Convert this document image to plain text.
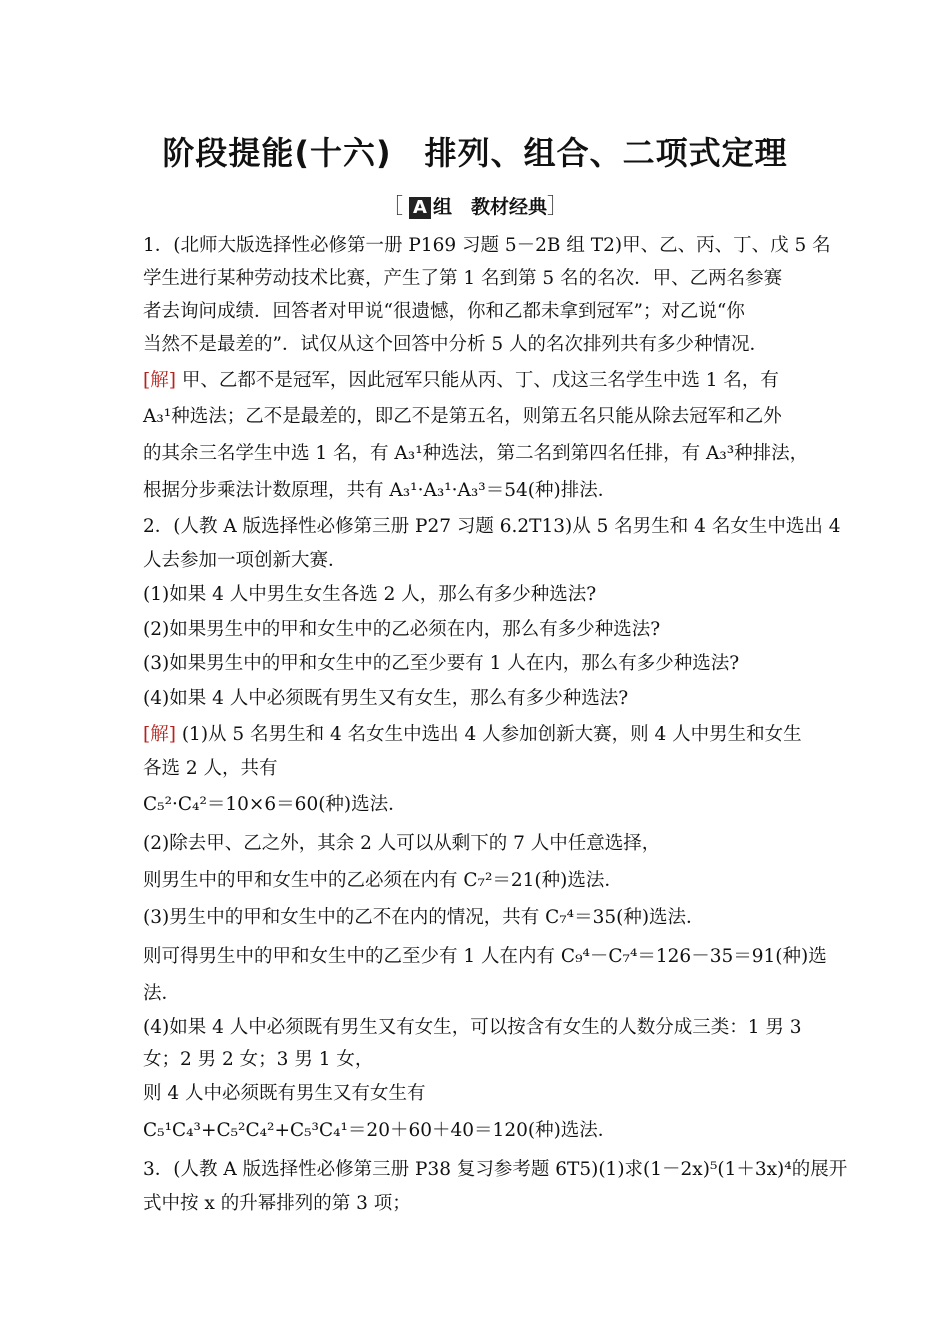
阶段提能(十六)　排列、组合、二项式定理
［ A 组　教材经典］
1．(北师大版选择性必修第一册 P169 习题 5－2B 组 T2)甲、乙、丙、丁、戊 5 名
学生进行某种劳动技术比赛，产生了第 1 名到第 5 名的名次．甲、乙两名参赛
者去询问成绩．回答者对甲说“很遗憾，你和乙都未拿到冠军”；对乙说“你
当然不是最差的”．试仅从这个回答中分析 5 人的名次排列共有多少种情况．
[解] 甲、乙都不是冠军，因此冠军只能从丙、丁、戊这三名学生中选 1 名，有
A₃¹种选法；乙不是最差的，即乙不是第五名，则第五名只能从除去冠军和乙外
的其余三名学生中选 1 名，有 A₃¹种选法，第二名到第四名任排，有 A₃³种排法，
根据分步乘法计数原理，共有 A₃¹·A₃¹·A₃³＝54(种)排法．
2．(人教 A 版选择性必修第三册 P27 习题 6.2T13)从 5 名男生和 4 名女生中选出 4
人去参加一项创新大赛．
(1)如果 4 人中男生女生各选 2 人，那么有多少种选法?
(2)如果男生中的甲和女生中的乙必须在内，那么有多少种选法?
(3)如果男生中的甲和女生中的乙至少要有 1 人在内，那么有多少种选法?
(4)如果 4 人中必须既有男生又有女生，那么有多少种选法?
[解] (1)从 5 名男生和 4 名女生中选出 4 人参加创新大赛，则 4 人中男生和女生
各选 2 人，共有
C₅²·C₄²＝10×6＝60(种)选法．
(2)除去甲、乙之外，其余 2 人可以从剩下的 7 人中任意选择，
则男生中的甲和女生中的乙必须在内有 C₇²＝21(种)选法．
(3)男生中的甲和女生中的乙不在内的情况，共有 C₇⁴＝35(种)选法．
则可得男生中的甲和女生中的乙至少有 1 人在内有 C₉⁴－C₇⁴＝126－35＝91(种)选
法．
(4)如果 4 人中必须既有男生又有女生，可以按含有女生的人数分成三类：1 男 3
女；2 男 2 女；3 男 1 女，
则 4 人中必须既有男生又有女生有
C₅¹C₄³+C₅²C₄²+C₅³C₄¹＝20＋60＋40＝120(种)选法．
3．(人教 A 版选择性必修第三册 P38 复习参考题 6T5)(1)求(1－2x)⁵(1＋3x)⁴的展开
式中按 x 的升幂排列的第 3 项；
